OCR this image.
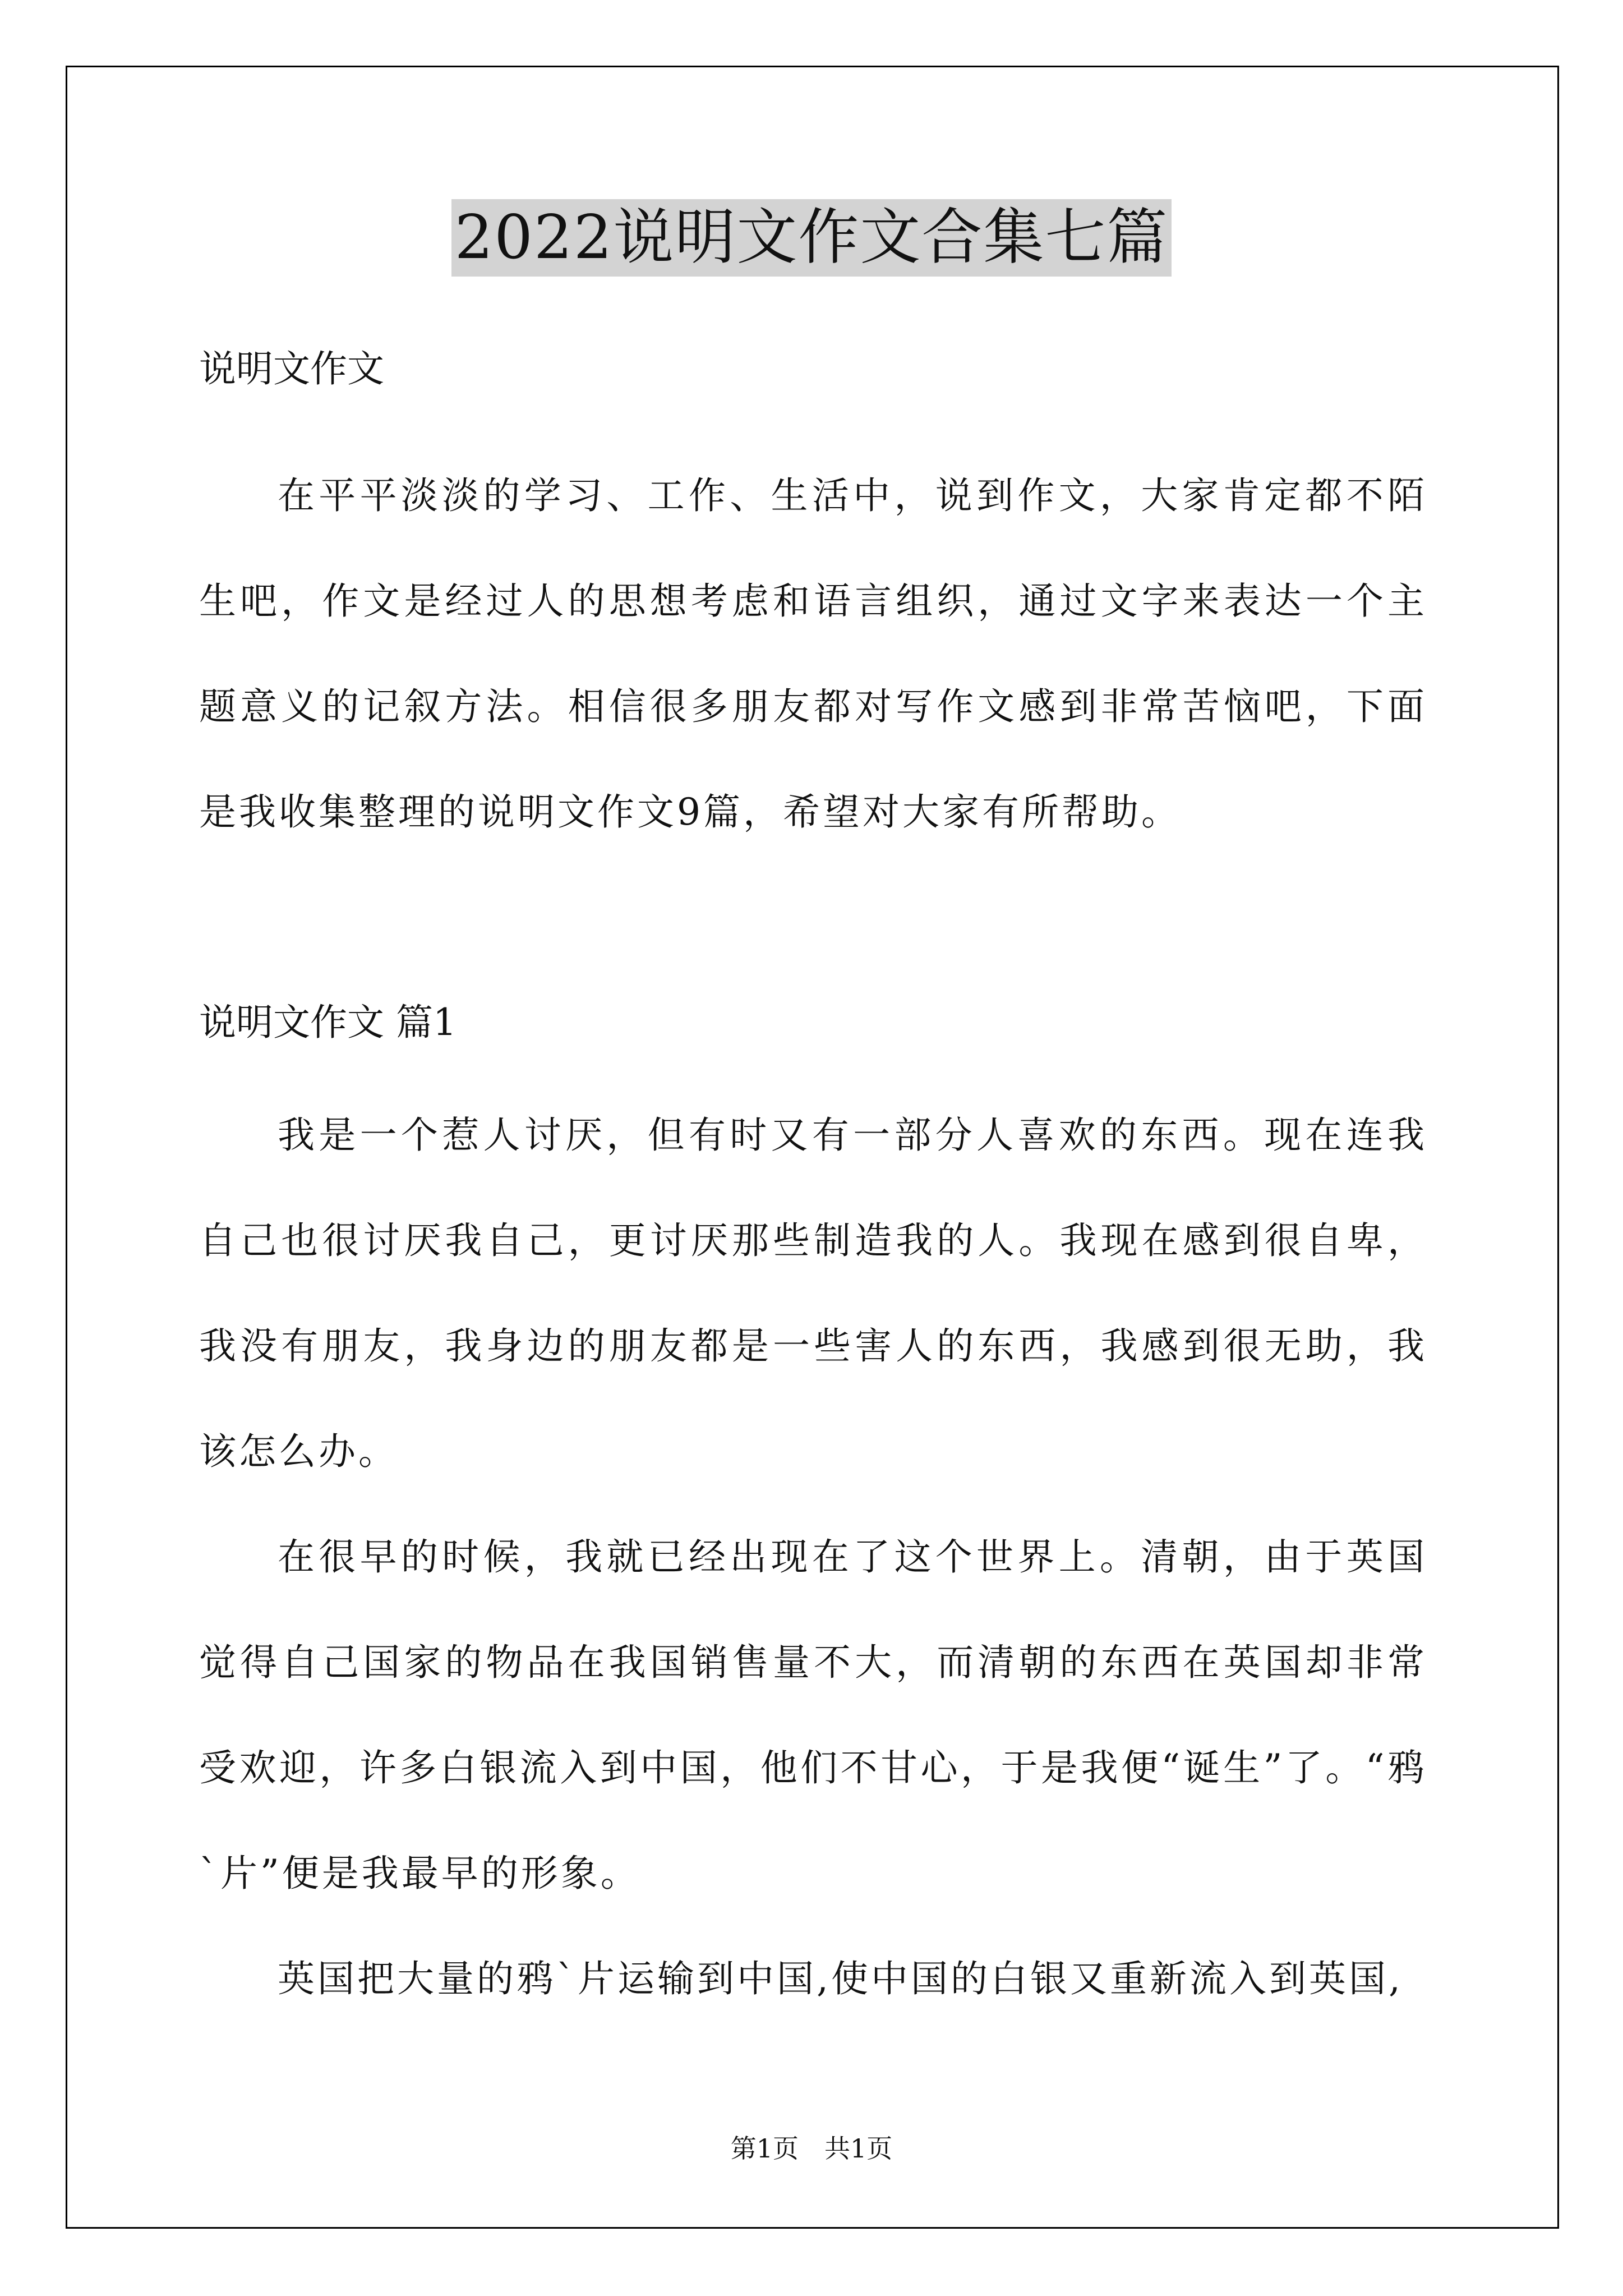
2022说明文作文合集七篇

说明文作文

在平平淡淡的学习、工作、生活中，说到作文，大家肯定都不陌生吧，作文是经过人的思想考虑和语言组织，通过文字来表达一个主题意义的记叙方法。相信很多朋友都对写作文感到非常苦恼吧，下面是我收集整理的说明文作文9篇，希望对大家有所帮助。

说明文作文 篇1

我是一个惹人讨厌，但有时又有一部分人喜欢的东西。现在连我自己也很讨厌我自己，更讨厌那些制造我的人。我现在感到很自卑，我没有朋友，我身边的朋友都是一些害人的东西，我感到很无助，我该怎么办。

在很早的时候，我就已经出现在了这个世界上。清朝，由于英国觉得自己国家的物品在我国销售量不大，而清朝的东西在英国却非常受欢迎，许多白银流入到中国，他们不甘心，于是我便“诞生”了。“鸦`片”便是我最早的形象。

英国把大量的鸦`片运输到中国,使中国的白银又重新流入到英国,

第1页　共1页
